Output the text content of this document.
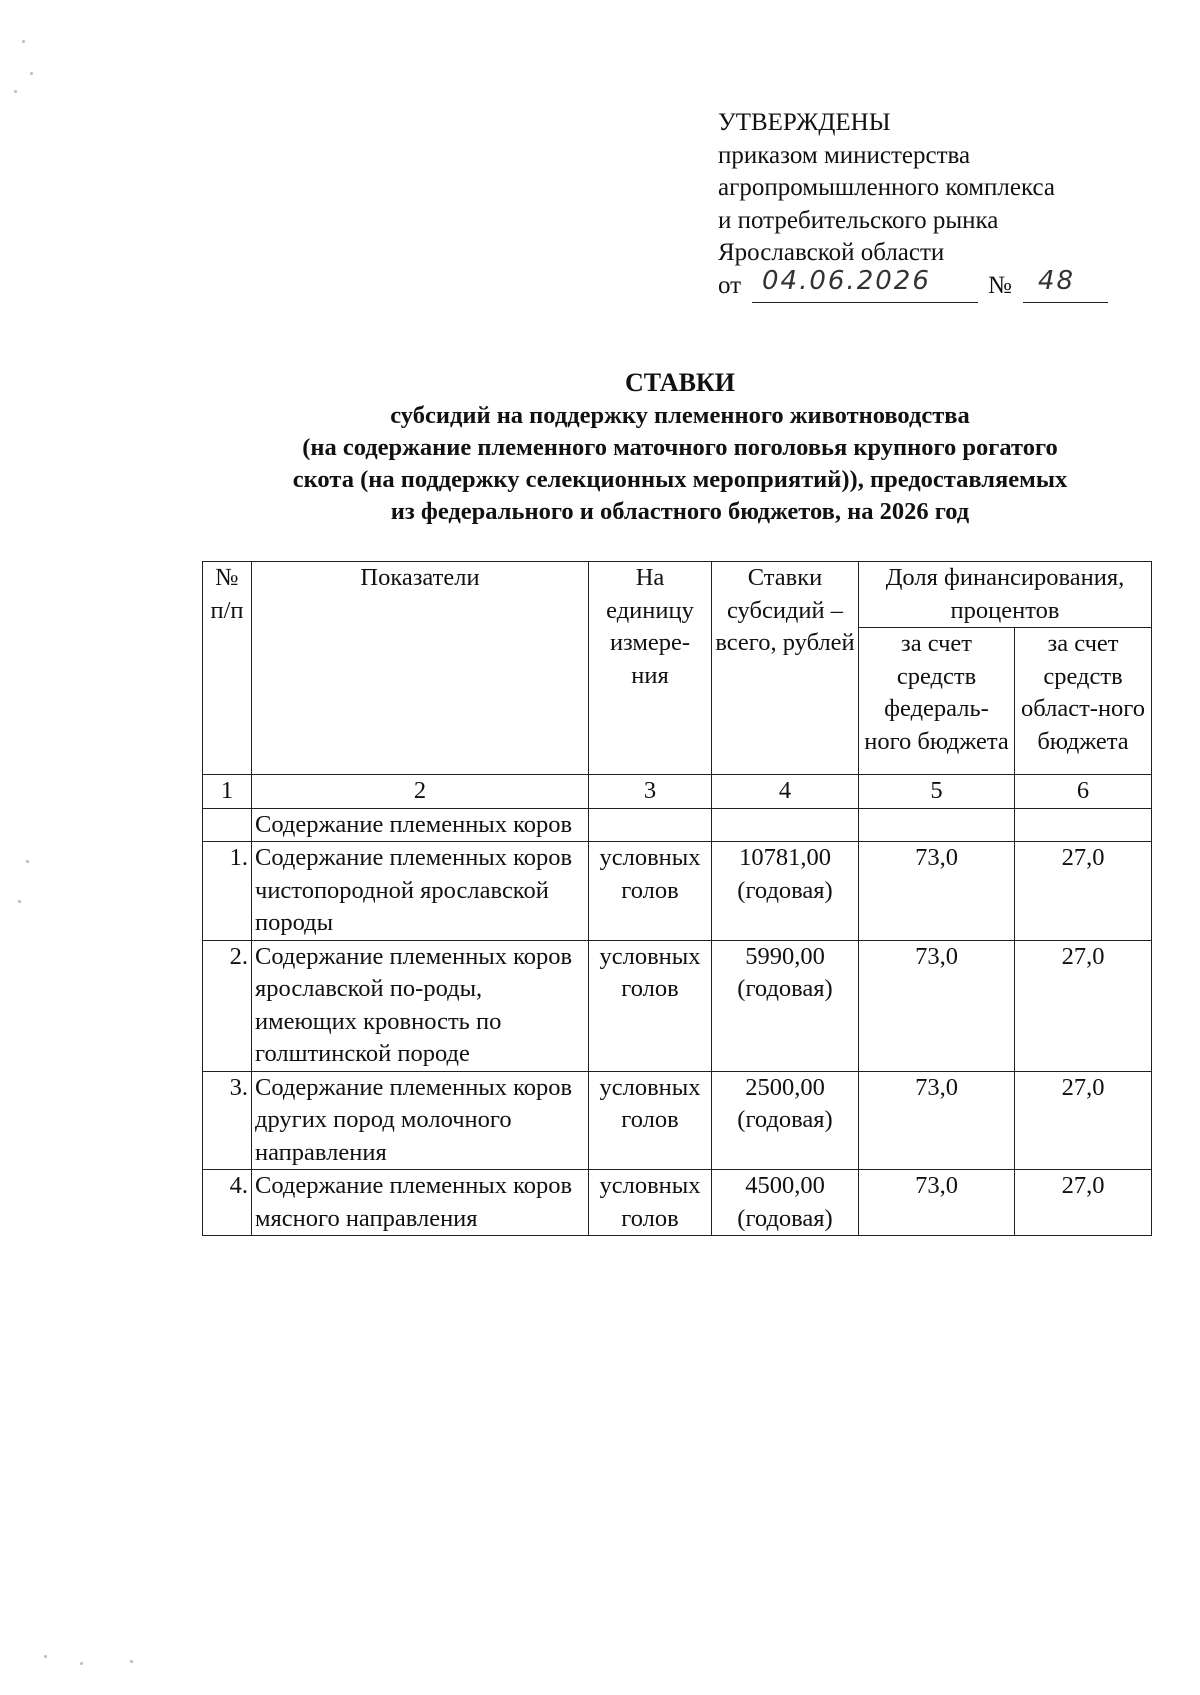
УТВЕРЖДЕНЫ
приказом министерства
агропромышленного комплекса
и потребительского рынка
Ярославской области
от 04.06.2026 № 48
СТАВКИ
субсидий на поддержку племенного животноводства
(на содержание племенного маточного поголовья крупного рогатого
скота (на поддержку селекционных мероприятий)), предоставляемых
из федерального и областного бюджетов, на 2026 год
№ п/п	Показатели	На единицу измере-ния	Ставки субсидий – всего, рублей	Доля финансирования, процентов	
				за счет средств федераль-ного бюджета	за счет средств област-ного бюджета
1	2	3	4	5	6
	Содержание племенных коров				
1.	Содержание племенных коров чистопородной ярославской породы	условных голов	10781,00 (годовая)	73,0	27,0
2.	Содержание племенных коров ярославской по-роды, имеющих кровность по голштинской породе	условных голов	5990,00 (годовая)	73,0	27,0
3.	Содержание племенных коров других пород молочного направления	условных голов	2500,00 (годовая)	73,0	27,0
4.	Содержание племенных коров мясного направления	условных голов	4500,00 (годовая)	73,0	27,0
